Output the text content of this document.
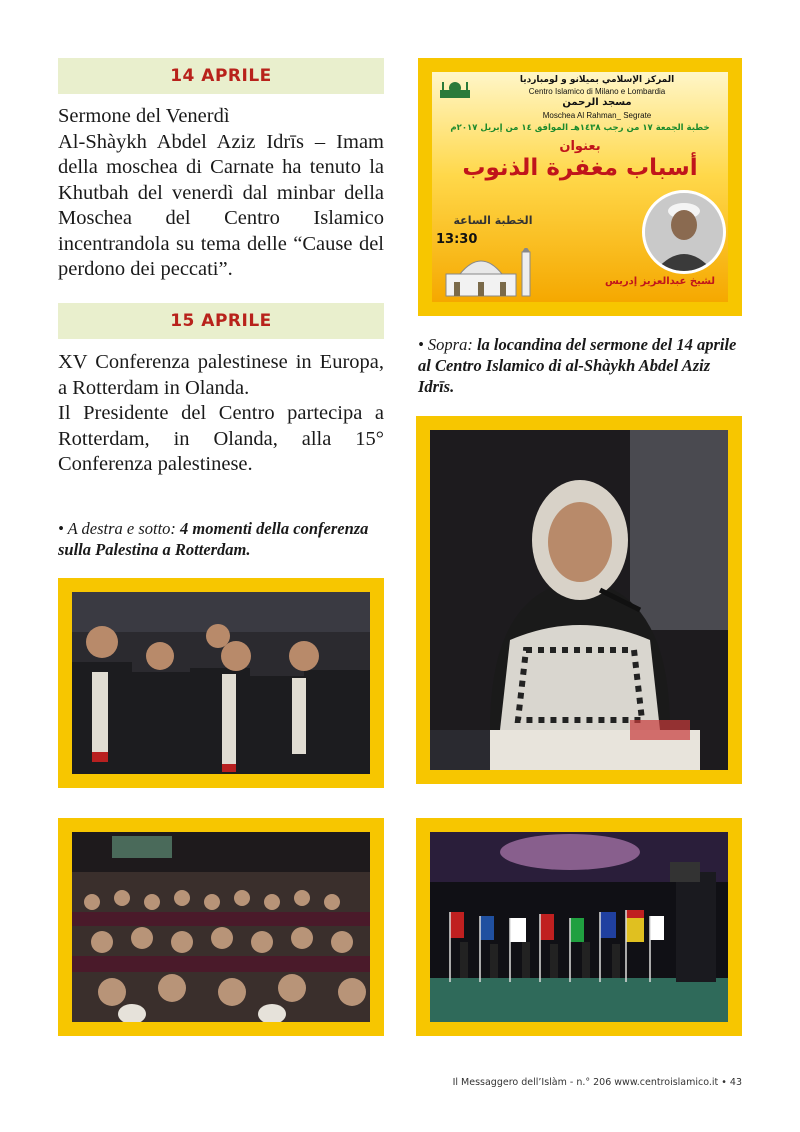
14 APRILE

Sermone del Venerdì
Al-Shàykh Abdel Aziz Idrīs – Imam della moschea di Carnate ha tenuto la Khutbah del venerdì dal minbar della Moschea del Centro Islamico incentrandola su tema delle “Cause del perdono dei peccati”.

15 APRILE

XV Conferenza palestinese in Europa, a Rotterdam in Olanda.
Il Presidente del Centro partecipa a Rotterdam, in Olanda, alla 15° Conferenza palestinese.

• A destra e sotto: 4 momenti della conferenza sulla Palestina a Rotterdam.

• Sopra: la locandina del sermone del 14 aprile al Centro Islamico di al-Shàykh Abdel Aziz Idrīs.

المركز الإسلامي بميلانو و لومبارديا
Centro Islamico di Milano e Lombardia
مسجد الرحمن
Moschea Al Rahman_ Segrate
خطبة الجمعة ١٧ من رجب ١٤٣٨هـ الموافق ١٤ من إبريل ٢٠١٧م
بعنوان
أسباب مغفرة الذنوب
الخطبة الساعة
13:30
لشيخ عبدالعزيز إدريس
Il Messaggero dell’Islàm - n.° 206 www.centroislamico.it • 43
